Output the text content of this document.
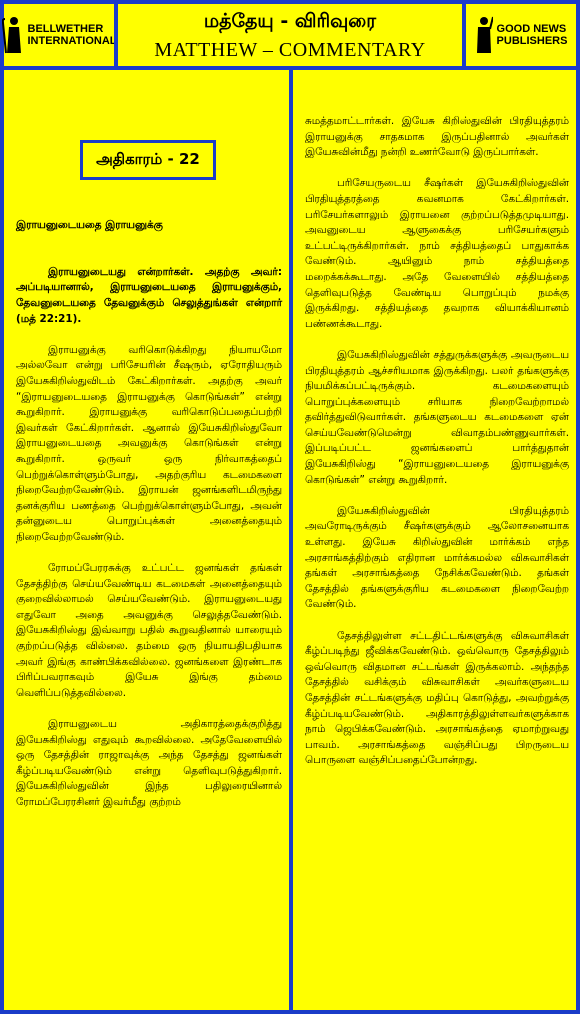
BELLWETHER
INTERNATIONAL
மத்தேயு - விரிவுரை
MATTHEW – COMMENTARY
GOOD NEWS
PUBLISHERS
அதிகாரம் - 22

இராயனுடையதை இராயனுக்கு

இராயனுடையது என்றார்கள். அதற்கு அவர்: அப்படியானால், இராயனுடையதை இராயனுக்கும், தேவனுடையதை தேவனுக்கும் செலுத்துங்கள் என்றார் (மத் 22:21).

இராயனுக்கு வரிகொடுக்கிறது நியாயமோ அல்லவோ என்று பரிசேயரின் சீஷரும், ஏரோதியரும் இயேசுகிறிஸ்துவிடம் கேட்கிறார்கள். அதற்கு அவர் “இராயனுடையதை இராயனுக்கு கொடுங்கள்” என்று கூறுகிறார். இராயனுக்கு வரிகொடுப்பதைப்பற்றி இவர்கள் கேட்கிறார்கள். ஆனால் இயேசுகிறிஸ்துவோ இராயனுடையதை அவனுக்கு கொடுங்கள் என்று கூறுகிறார். ஒருவர் ஒரு நிர்வாகத்தைப் பெற்றுக்கொள்ளும்போது, அதற்குரிய கடமைகளை நிறைவேற்றவேண்டும். இராயன் ஜனங்களிடமிருந்து தனக்குரிய பணத்தை பெற்றுக்கொள்ளும்போது, அவன் தன்னுடைய பொறுப்புக்கள் அனைத்தையும் நிறைவேற்றவேண்டும்.

ரோமப்பேரரசுக்கு உட்பட்ட ஜனங்கள் தங்கள் தேசத்திற்கு செய்யவேண்டிய கடமைகள் அனைத்தையும் குறைவில்லாமல் செய்யவேண்டும். இராயனுடையது எதுவோ அதை அவனுக்கு செலுத்தவேண்டும். இயேசுகிறிஸ்து இவ்வாறு பதில் கூறுவதினால் யாரையும் குற்றப்படுத்த வில்லை. தம்மை ஒரு நியாயதிபதியாக அவர் இங்கு காண்பிக்கவில்லை. ஜனங்களை இரண்டாக பிரிப்பவராகவும் இயேசு இங்கு தம்மை வெளிப்படுத்தவில்லை.

இராயனுடைய அதிகாரத்தைக்குறித்து இயேசுகிறிஸ்து எதுவும் கூறவில்லை. அதேவேளையில் ஒரு தேசத்தின் ராஜாவுக்கு அந்த தேசத்து ஜனங்கள் கீழ்ப்படியவேண்டும் என்று தெளிவுபடுத்துகிறார். இயேசுகிறிஸ்துவின் இந்த பதிலுரையினால் ரோமப்பேரரசினர் இவர்மீது குற்றம்

சுமத்தமாட்டார்கள். இயேசு கிறிஸ்துவின் பிரதியுத்தரம் இராயனுக்கு சாதகமாக இருப்பதினால் அவர்கள் இயேசுவின்மீது நன்றி உணர்வோடு இருப்பார்கள்.

பரிசேயருடைய சீஷர்கள் இயேசுகிறிஸ்துவின் பிரதியுத்தரத்தை கவனமாக கேட்கிறார்கள். பரிசேயர்களாலும் இராயனை குற்றப்படுத்தமுடியாது. அவனுடைய ஆளுகைக்கு பரிசேயர்களும் உட்பட்டிருக்கிறார்கள். நாம் சத்தியத்தைப் பாதுகாக்க வேண்டும். ஆயினும் நாம் சத்தியத்தை மறைக்கக்கூடாது. அதே வேளையில் சத்தியத்தை தெளிவுபடுத்த வேண்டிய பொறுப்பும் நமக்கு இருக்கிறது. சத்தியத்தை தவறாக வியாக்கியானம் பண்ணக்கூடாது.

இயேசுகிறிஸ்துவின் சத்துருக்களுக்கு அவருடைய பிரதியுத்தரம் ஆச்சரியமாக இருக்கிறது. பலர் தங்களுக்கு நியமிக்கப்பட்டிருக்கும். கடமைகளையும் பொறுப்புக்களையும் சரியாக நிறைவேற்றாமல் தவிர்த்துவிடுவார்கள். தங்களுடைய கடமைகளை ஏன் செய்யவேண்டுமென்று விவாதம்பண்ணுவார்கள். இப்படிப்பட்ட ஜனங்களைப் பார்த்துதான் இயேசுகிறிஸ்து “இராயனுடையதை இராயனுக்கு கொடுங்கள்” என்று கூறுகிறார்.

இயேசுகிறிஸ்துவின் பிரதியுத்தரம் அவரோடிருக்கும் சீஷர்களுக்கும் ஆலோசனையாக உள்ளது. இயேசு கிறிஸ்துவின் மார்க்கம் எந்த அரசாங்கத்திற்கும் எதிரான மார்க்கமல்ல விசுவாசிகள் தங்கள் அரசாங்கத்தை நேசிக்கவேண்டும். தங்கள் தேசத்தில் தங்களுக்குரிய கடமைகளை நிறைவேற்ற வேண்டும்.

தேசத்திலுள்ள சட்டதிட்டங்களுக்கு விசுவாசிகள் கீழ்ப்படிந்து ஜீவிக்கவேண்டும். ஒவ்வொரு தேசத்திலும் ஒவ்வொரு விதமான சட்டங்கள் இருக்கலாம். அந்தந்த தேசத்தில் வசிக்கும் விசுவாசிகள் அவர்களுடைய தேசத்தின் சட்டங்களுக்கு மதிப்பு கொடுத்து, அவற்றுக்கு கீழ்ப்படியவேண்டும். அதிகாரத்திலுள்ளவர்களுக்காக நாம் ஜெபிக்கவேண்டும். அரசாங்கத்தை ஏமாற்றுவது பாவம். அரசாங்கத்தை வஞ்சிப்பது பிறருடைய பொருளை வஞ்சிப்பதைப்போன்றது.
